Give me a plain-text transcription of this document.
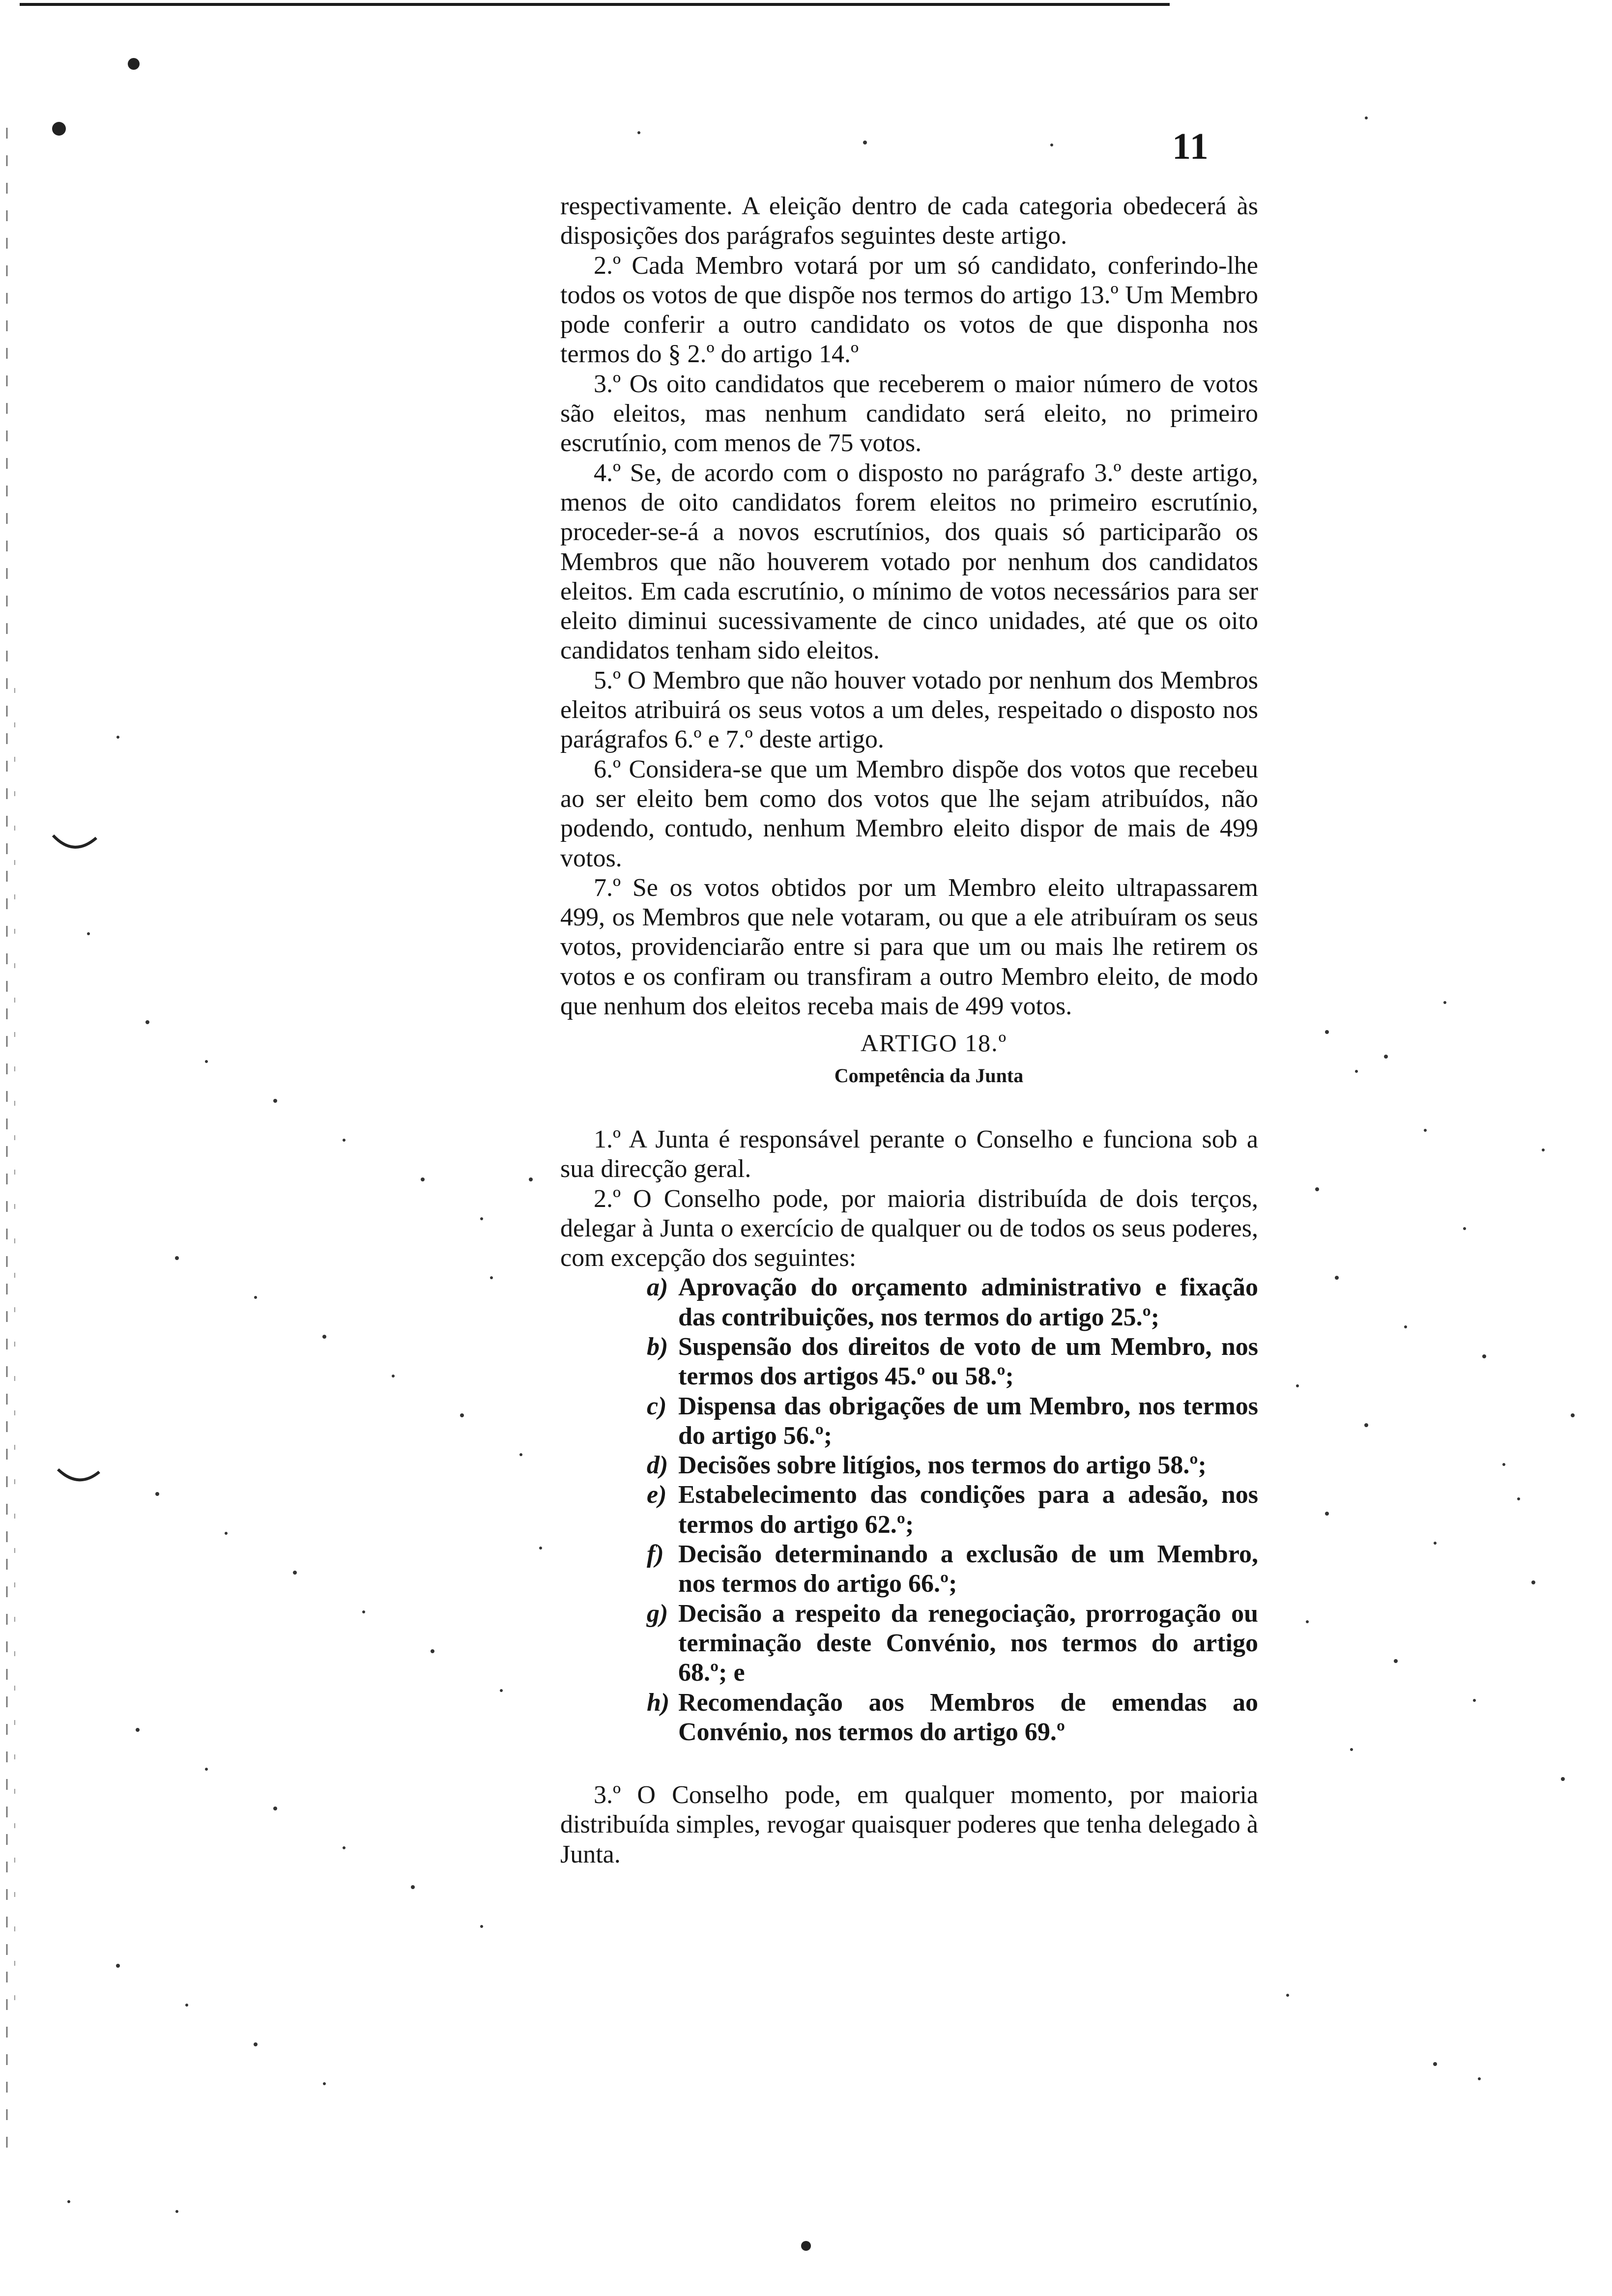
11

respectivamente. A eleição dentro de cada categoria obedecerá às disposições dos parágrafos seguintes deste artigo.

2.º Cada Membro votará por um só candidato, conferindo-lhe todos os votos de que dispõe nos termos do artigo 13.º Um Membro pode conferir a outro candidato os votos de que disponha nos termos do § 2.º do artigo 14.º

3.º Os oito candidatos que receberem o maior número de votos são eleitos, mas nenhum candidato será eleito, no primeiro escrutínio, com menos de 75 votos.

4.º Se, de acordo com o disposto no parágrafo 3.º deste artigo, menos de oito candidatos forem eleitos no primeiro escrutínio, proceder-se-á a novos escrutínios, dos quais só participarão os Membros que não houverem votado por nenhum dos candidatos eleitos. Em cada escrutínio, o mínimo de votos necessários para ser eleito diminui sucessivamente de cinco unidades, até que os oito candidatos tenham sido eleitos.

5.º O Membro que não houver votado por nenhum dos Membros eleitos atribuirá os seus votos a um deles, respeitado o disposto nos parágrafos 6.º e 7.º deste artigo.

6.º Considera-se que um Membro dispõe dos votos que recebeu ao ser eleito bem como dos votos que lhe sejam atribuídos, não podendo, contudo, nenhum Membro eleito dispor de mais de 499 votos.

7.º Se os votos obtidos por um Membro eleito ultrapassarem 499, os Membros que nele votaram, ou que a ele atribuíram os seus votos, providenciarão entre si para que um ou mais lhe retirem os votos e os confiram ou transfiram a outro Membro eleito, de modo que nenhum dos eleitos receba mais de 499 votos.

ARTIGO 18.º
Competência da Junta

1.º A Junta é responsável perante o Conselho e funciona sob a sua direcção geral.

2.º O Conselho pode, por maioria distribuída de dois terços, delegar à Junta o exercício de qualquer ou de todos os seus poderes, com excepção dos seguintes:

a) Aprovação do orçamento administrativo e fixação das contribuições, nos termos do artigo 25.º;
b) Suspensão dos direitos de voto de um Membro, nos termos dos artigos 45.º ou 58.º;
c) Dispensa das obrigações de um Membro, nos termos do artigo 56.º;
d) Decisões sobre litígios, nos termos do artigo 58.º;
e) Estabelecimento das condições para a adesão, nos termos do artigo 62.º;
f) Decisão determinando a exclusão de um Membro, nos termos do artigo 66.º;
g) Decisão a respeito da renegociação, prorrogação ou terminação deste Convénio, nos termos do artigo 68.º; e
h) Recomendação aos Membros de emendas ao Convénio, nos termos do artigo 69.º

3.º O Conselho pode, em qualquer momento, por maioria distribuída simples, revogar quaisquer poderes que tenha delegado à Junta.
